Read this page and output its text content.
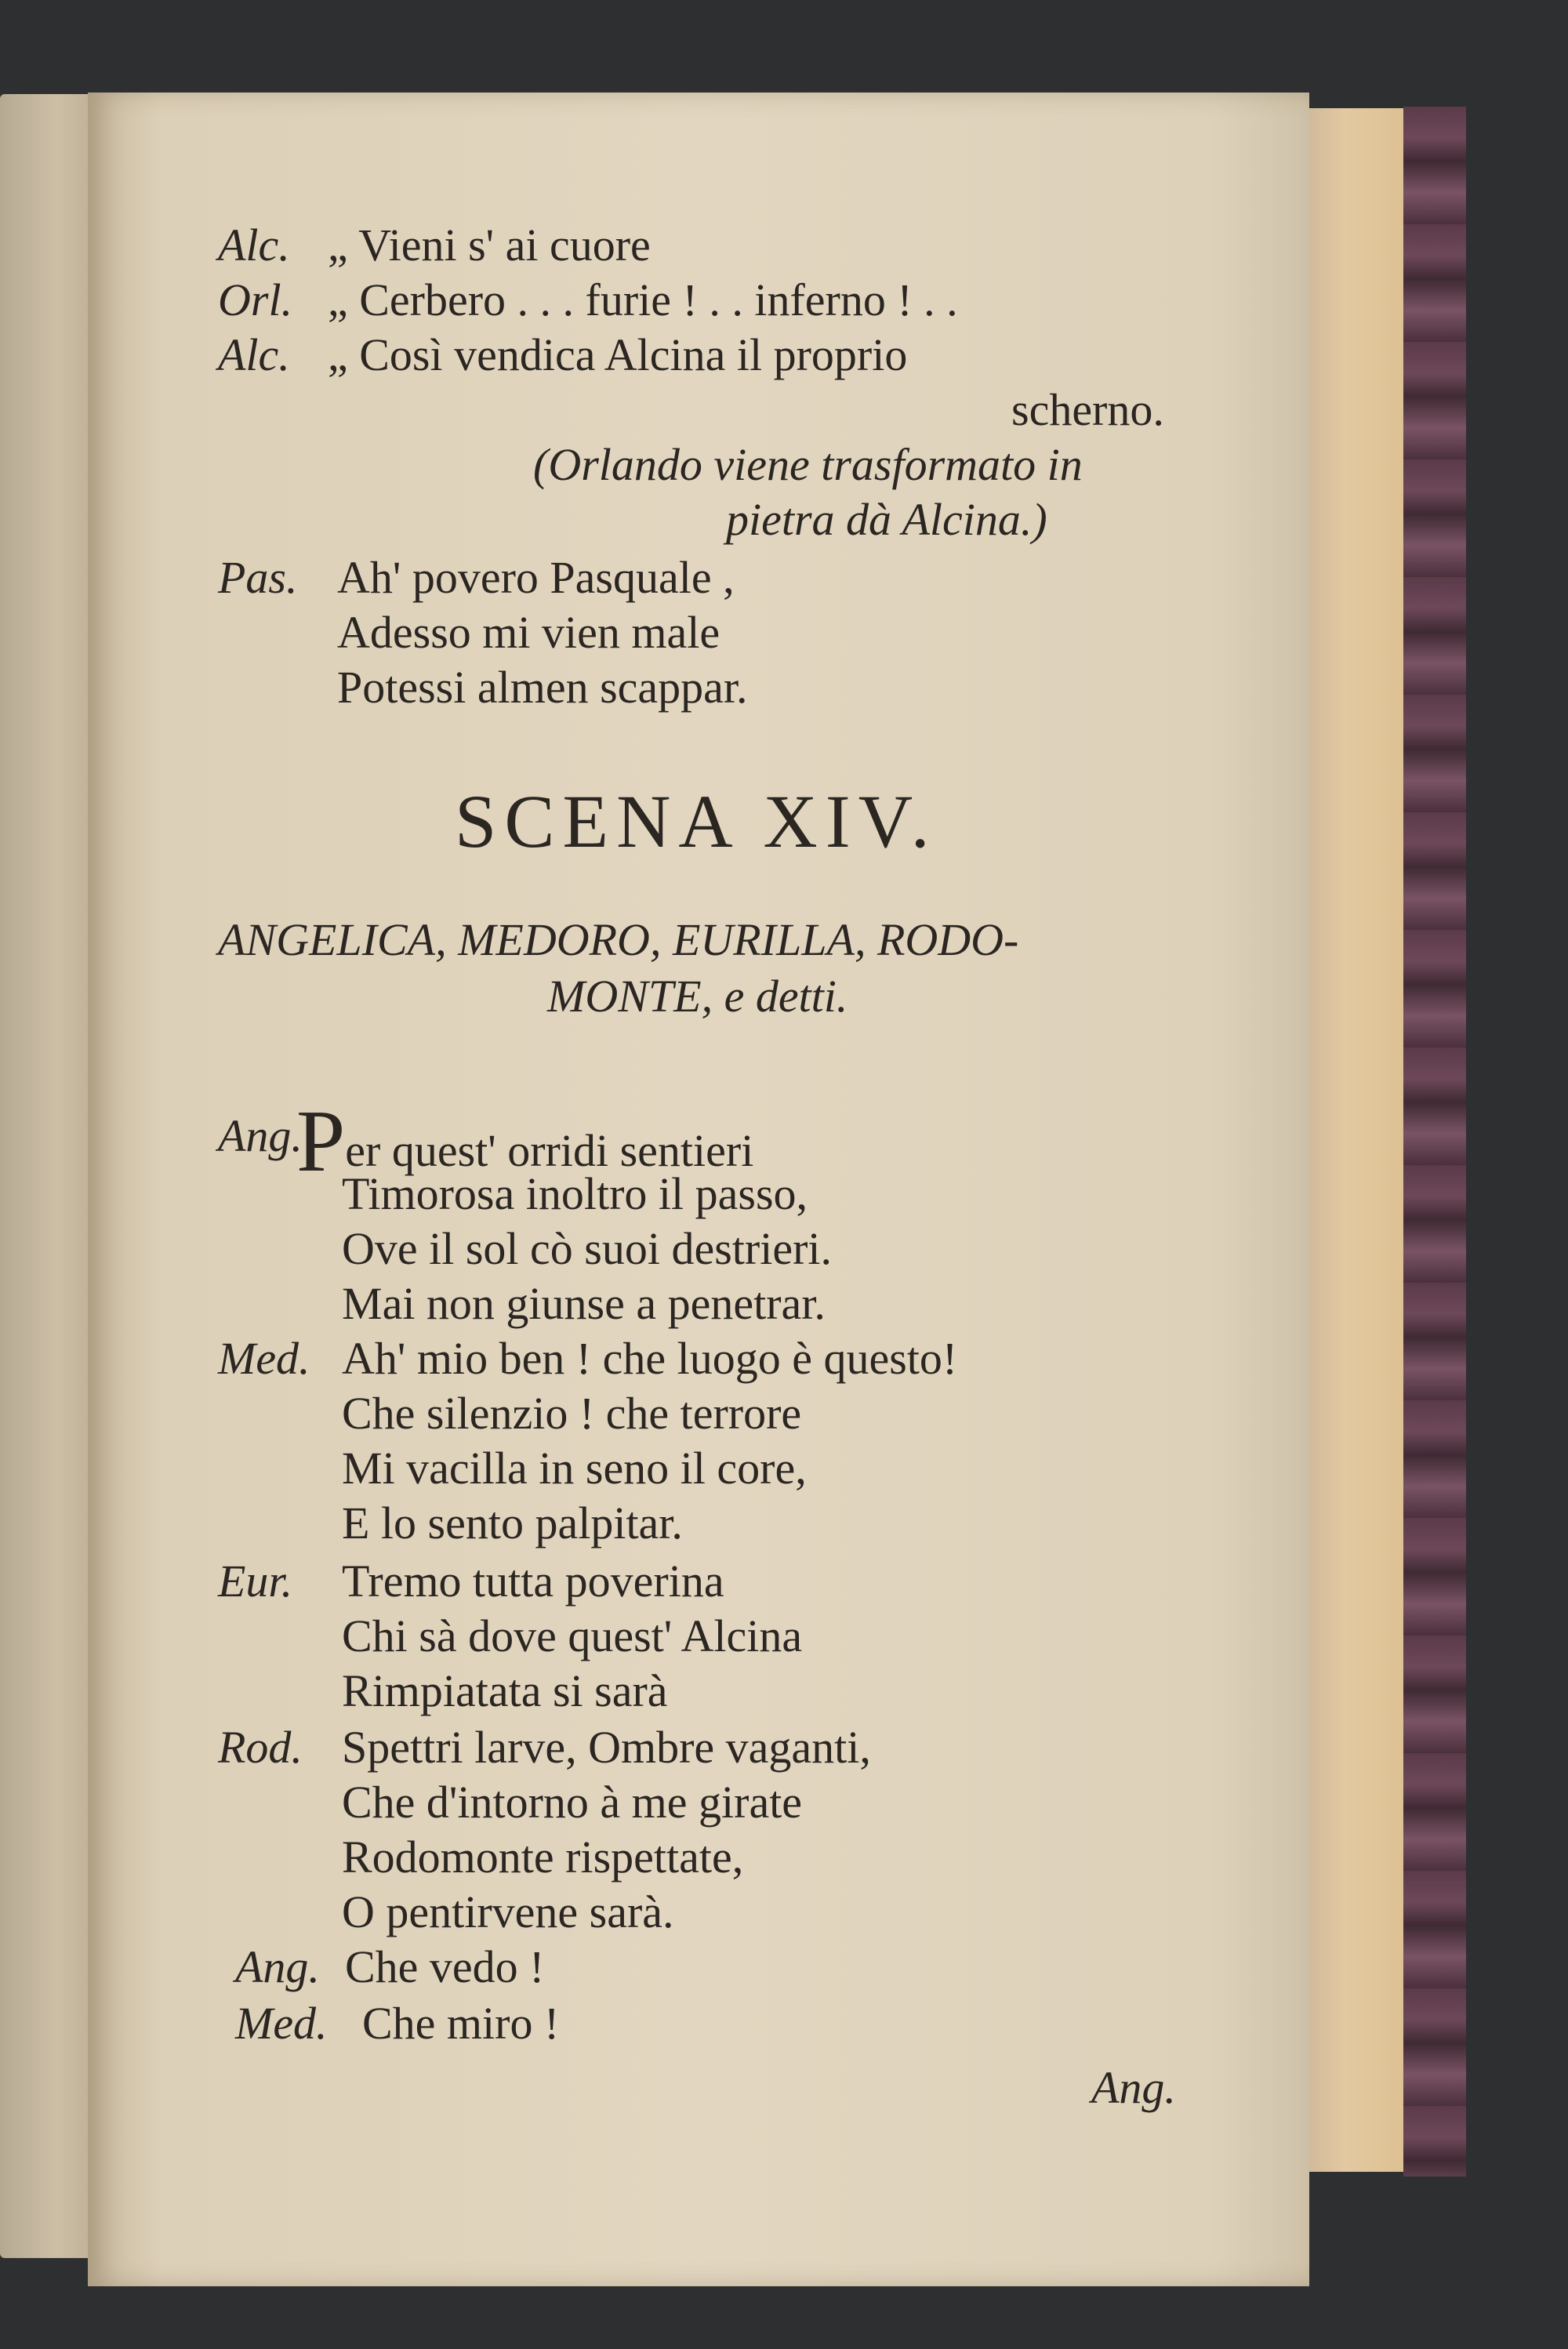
Alc. „ Vieni s' ai cuore
Orl. „ Cerbero . . . furie ! . . inferno ! . .
Alc. „ Così vendica Alcina il proprio
scherno.
(Orlando viene trasformato in
pietra dà Alcina.)
Pas. Ah' povero Pasquale ,
Adesso mi vien male
Potessi almen scappar.
SCENA XIV.
ANGELICA, MEDORO, EURILLA, RODO-
MONTE, e detti.
Ang.
Per quest' orridi sentieri
Timorosa inoltro il passo,
Ove il sol cò suoi destrieri.
Mai non giunse a penetrar.
Med. Ah' mio ben ! che luogo è questo!
Che silenzio ! che terrore
Mi vacilla in seno il core,
E lo sento palpitar.
Eur. Tremo tutta poverina
Chi sà dove quest' Alcina
Rimpiatata si sarà
Rod. Spettri larve, Ombre vaganti,
Che d'intorno à me girate
Rodomonte rispettate,
O pentirvene sarà.
Ang. Che vedo !
Med. Che miro !
Ang.
